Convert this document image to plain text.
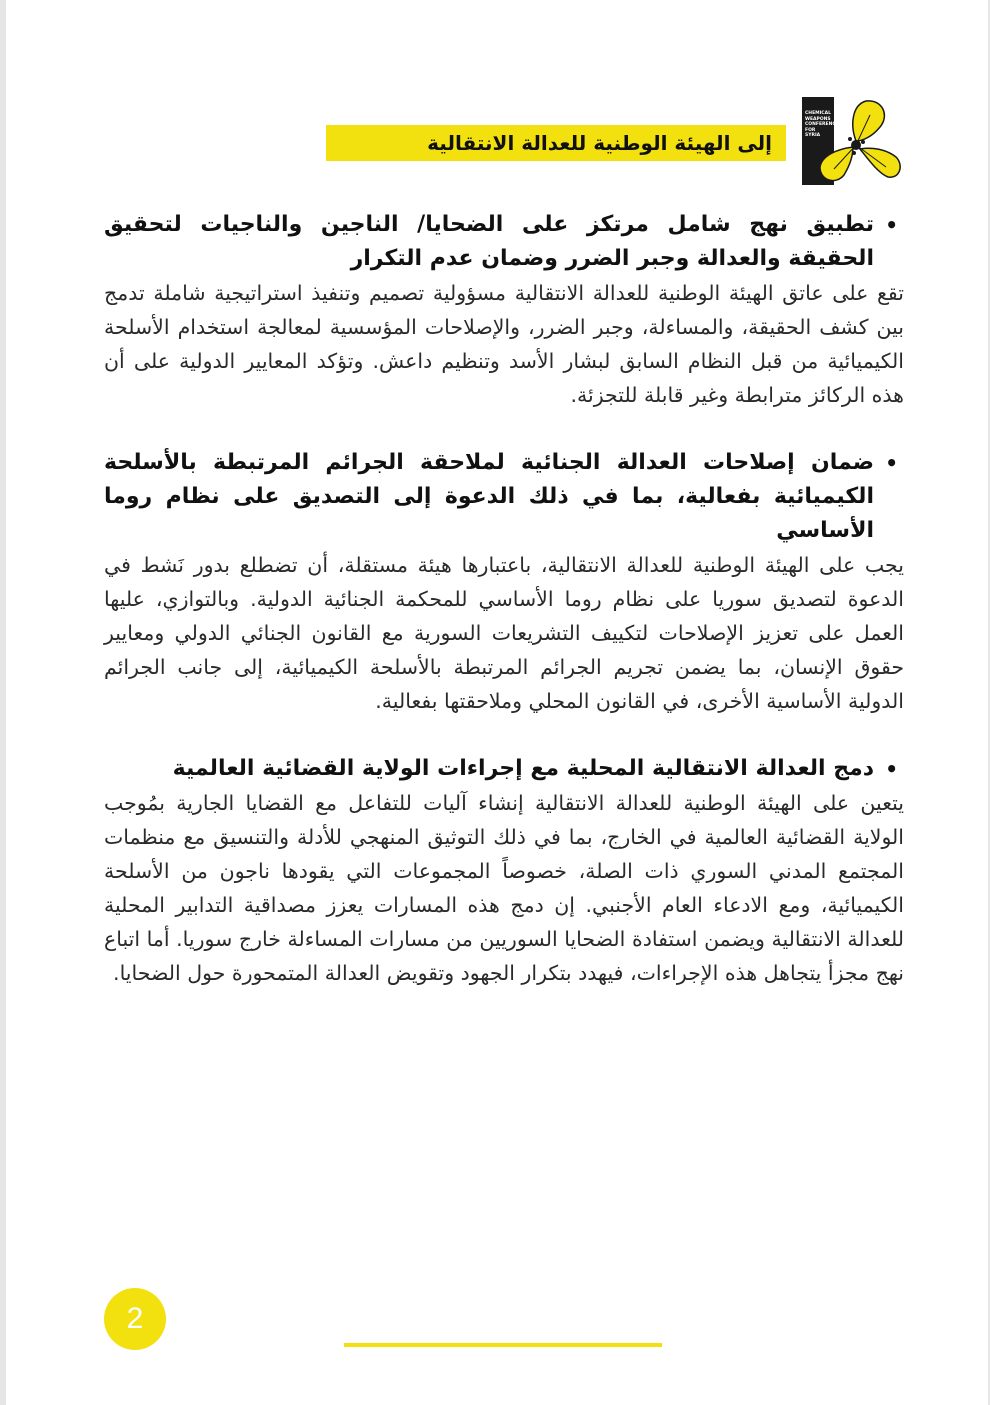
CHEMICAL
WEAPONS
CONFERENCE
FOR SYRIA
إلى الهيئة الوطنية للعدالة الانتقالية
•
تطبيق نهج شامل مرتكز على الضحايا/ الناجين والناجيات لتحقيق الحقيقة والعدالة وجبر الضرر وضمان عدم التكرار
تقع على عاتق الهيئة الوطنية للعدالة الانتقالية مسؤولية تصميم وتنفيذ استراتيجية شاملة تدمج بين كشف الحقيقة، والمساءلة، وجبر الضرر، والإصلاحات المؤسسية لمعالجة استخدام الأسلحة الكيميائية من قبل النظام السابق لبشار الأسد وتنظيم داعش. وتؤكد المعايير الدولية على أن هذه الركائز مترابطة وغير قابلة للتجزئة.
•
ضمان إصلاحات العدالة الجنائية لملاحقة الجرائم المرتبطة بالأسلحة الكيميائية بفعالية، بما في ذلك الدعوة إلى التصديق على نظام روما الأساسي
يجب على الهيئة الوطنية للعدالة الانتقالية، باعتبارها هيئة مستقلة، أن تضطلع بدور نَشط في الدعوة لتصديق سوريا على نظام روما الأساسي للمحكمة الجنائية الدولية. وبالتوازي، عليها العمل على تعزيز الإصلاحات لتكييف التشريعات السورية مع القانون الجنائي الدولي ومعايير حقوق الإنسان، بما يضمن تجريم الجرائم المرتبطة بالأسلحة الكيميائية، إلى جانب الجرائم الدولية الأساسية الأخرى، في القانون المحلي وملاحقتها بفعالية.
•
دمج العدالة الانتقالية المحلية مع إجراءات الولاية القضائية العالمية
يتعين على الهيئة الوطنية للعدالة الانتقالية إنشاء آليات للتفاعل مع القضايا الجارية بمُوجب الولاية القضائية العالمية في الخارج، بما في ذلك التوثيق المنهجي للأدلة والتنسيق مع منظمات المجتمع المدني السوري ذات الصلة، خصوصاً المجموعات التي يقودها ناجون من الأسلحة الكيميائية، ومع الادعاء العام الأجنبي. إن دمج هذه المسارات يعزز مصداقية التدابير المحلية للعدالة الانتقالية ويضمن استفادة الضحايا السوريين من مسارات المساءلة خارج سوريا. أما اتباع نهج مجزأ يتجاهل هذه الإجراءات، فيهدد بتكرار الجهود وتقويض العدالة المتمحورة حول الضحايا.
2
